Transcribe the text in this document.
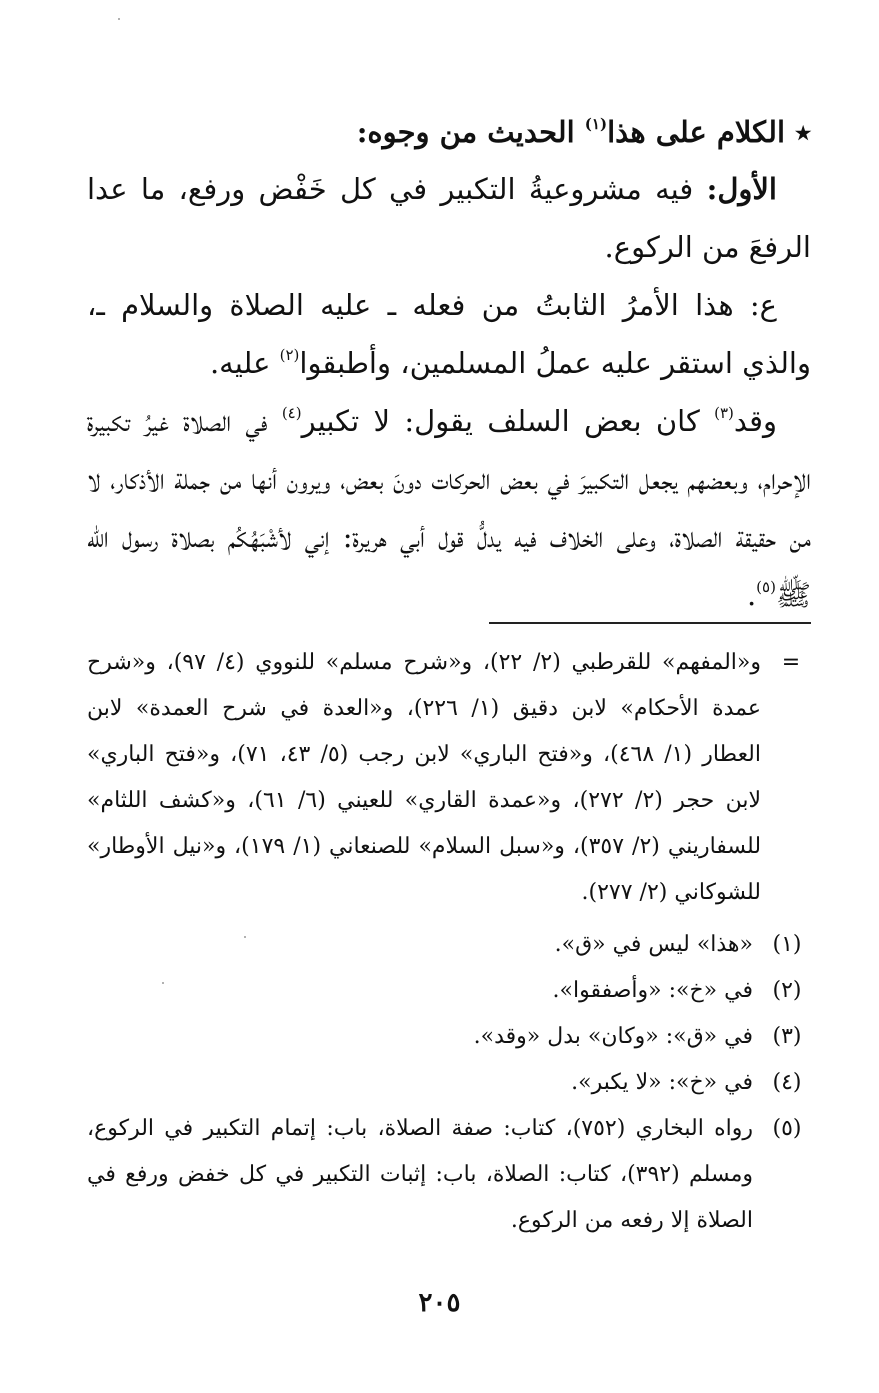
٭ الكلام على هذا$^{(١)}$ الحديث من وجوه:

الأول: فيه مشروعيةُ التكبير في كل خَفْض ورفع، ما عدا الرفعَ من الركوع.

ع: هذا الأمرُ الثابتُ من فعله ـ عليه الصلاة والسلام ـ، والذي استقر عليه عملُ المسلمين، وأطبقوا$^{(٢)}$ عليه.

وقد$^{(٣)}$ كان بعض السلف يقول: لا تكبير$^{(٤)}$ في الصلاة غيرُ تكبيرة الإحرام، وبعضهم يجعل التكبيرَ في بعض الحركات دونَ بعض، ويرون أنها من جملة الأذكار، لا من حقيقة الصلاة، وعلى الخلاف فيه يدلُّ قول أبي هريرة: إني لأشْبَهُكُم بصلاة رسول الله ﷺ$^{(٥)}$.

=
و«المفهم» للقرطبي (٢/ ٢٢)، و«شرح مسلم» للنووي (٤/ ٩٧)، و«شرح عمدة الأحكام» لابن دقيق (١/ ٢٢٦)، و«العدة في شرح العمدة» لابن العطار (١/ ٤٦٨)، و«فتح الباري» لابن رجب (٥/ ٤٣، ٧١)، و«فتح الباري» لابن حجر (٢/ ٢٧٢)، و«عمدة القاري» للعيني (٦/ ٦١)، و«كشف اللثام» للسفاريني (٢/ ٣٥٧)، و«سبل السلام» للصنعاني (١/ ١٧٩)، و«نيل الأوطار» للشوكاني (٢/ ٢٧٧).

(١)
«هذا» ليس في «ق».

(٢)
في «خ»: «وأصفقوا».

(٣)
في «ق»: «وكان» بدل «وقد».

(٤)
في «خ»: «لا يكبر».

(٥)
رواه البخاري (٧٥٢)، كتاب: صفة الصلاة، باب: إتمام التكبير في الركوع، ومسلم (٣٩٢)، كتاب: الصلاة، باب: إثبات التكبير في كل خفض ورفع في الصلاة إلا رفعه من الركوع.

٢٠٥
